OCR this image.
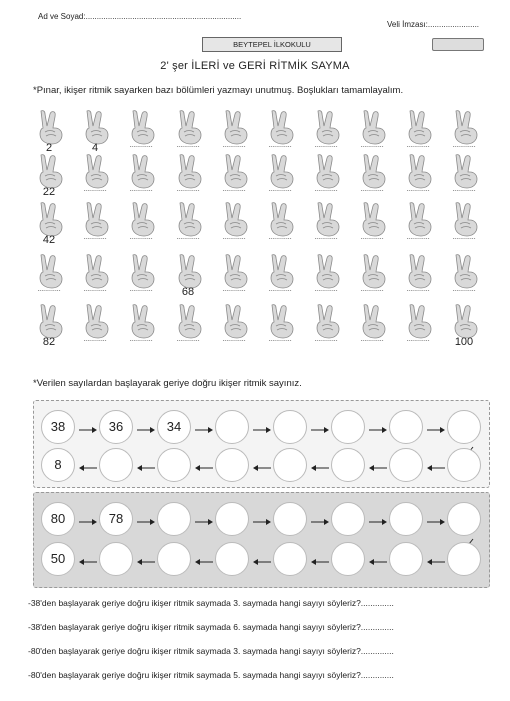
Ad ve Soyad:......................................................................
Veli İmzası:.......................
BEYTEPEL İLKOKULU
2' şer İLERİ ve GERİ RİTMİK SAYMA
*Pınar, ikişer ritmik sayarken bazı bölümleri yazmayı unutmuş. Boşlukları tamamlayalım.
2	4	............	............	............	............	............	............	............	............
22	............	............	............	............	............	............	............	............	............
42	............	............	............	............	............	............	............	............	............
............	............	............	68	............	............	............	............	............	............
82	............	............	............	............	............	............	............	............	100
*Verilen sayılardan başlayarak geriye doğru ikişer ritmik sayınız.
38	36	34
8
80	78
50
-38'den başlayarak geriye doğru ikişer ritmik saymada 3. saymada hangi sayıyı söyleriz?..............
-38'den başlayarak geriye doğru ikişer ritmik saymada 6. saymada hangi sayıyı söyleriz?..............
-80'den başlayarak geriye doğru ikişer ritmik saymada 3. saymada hangi sayıyı söyleriz?..............
-80'den başlayarak geriye doğru ikişer ritmik saymada 5. saymada hangi sayıyı söyleriz?..............
